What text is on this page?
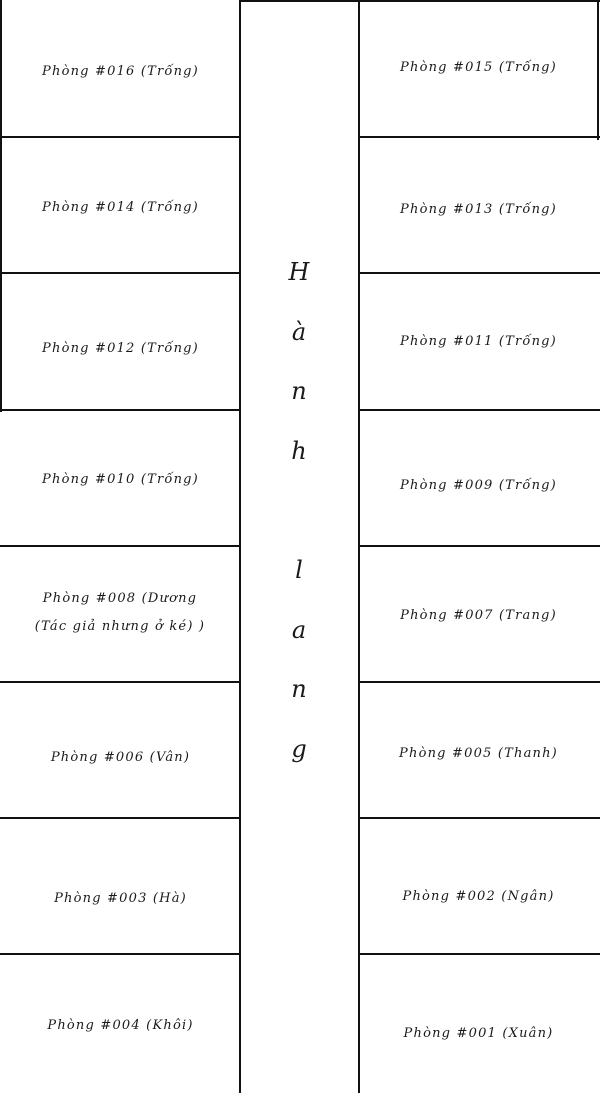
Phòng #016 (Trống)
Phòng #014 (Trống)
Phòng #012 (Trống)
Phòng #010 (Trống)
Phòng #008 (Dương (Tác giả nhưng ở ké) )
Phòng #006 (Vân)
Phòng #003 (Hà)
Phòng #004 (Khôi)
Phòng #015 (Trống)
Phòng #013 (Trống)
Phòng #011 (Trống)
Phòng #009 (Trống)
Phòng #007 (Trang)
Phòng #005 (Thanh)
Phòng #002 (Ngân)
Phòng #001 (Xuân)
H
à
n
h
l
a
n
g
